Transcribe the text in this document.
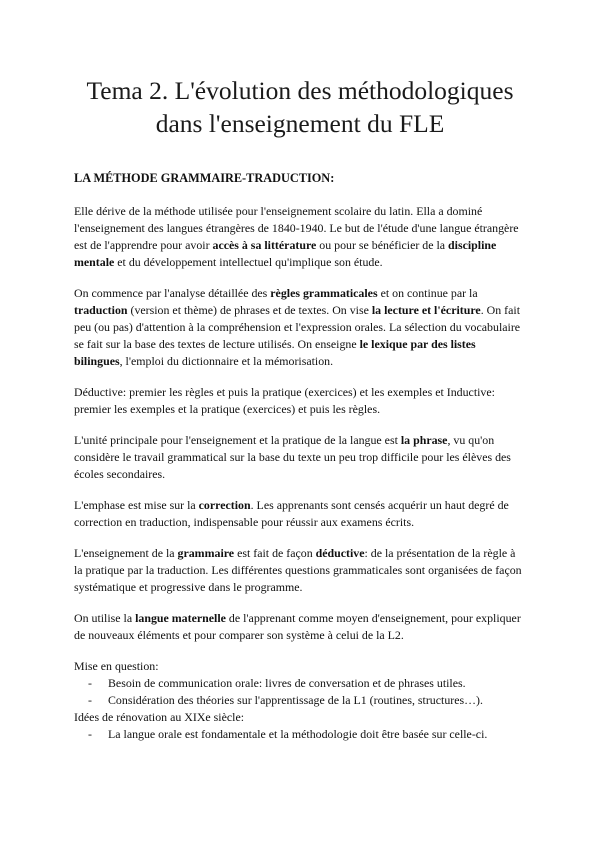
Tema 2. L'évolution des méthodologiques
dans l'enseignement du FLE
LA MÉTHODE GRAMMAIRE-TRADUCTION:

Elle dérive de la méthode utilisée pour l'enseignement scolaire du latin. Ella a dominé l'enseignement des langues étrangères de 1840-1940. Le but de l'étude d'une langue étrangère est de l'apprendre pour avoir accès à sa littérature ou pour se bénéficier de la discipline mentale et du développement intellectuel qu'implique son étude.

On commence par l'analyse détaillée des règles grammaticales et on continue par la traduction (version et thème) de phrases et de textes. On vise la lecture et l'écriture. On fait peu (ou pas) d'attention à la compréhension et l'expression orales. La sélection du vocabulaire se fait sur la base des textes de lecture utilisés. On enseigne le lexique par des listes bilingues, l'emploi du dictionnaire et la mémorisation.

Déductive: premier les règles et puis la pratique (exercices) et les exemples et Inductive: premier les exemples et la pratique (exercices) et puis les règles.

L'unité principale pour l'enseignement et la pratique de la langue est la phrase, vu qu'on considère le travail grammatical sur la base du texte un peu trop difficile pour les élèves des écoles secondaires.

L'emphase est mise sur la correction. Les apprenants sont censés acquérir un haut degré de correction en traduction, indispensable pour réussir aux examens écrits.

L'enseignement de la grammaire est fait de façon déductive: de la présentation de la règle à la pratique par la traduction. Les différentes questions grammaticales sont organisées de façon systématique et progressive dans le programme.

On utilise la langue maternelle de l'apprenant comme moyen d'enseignement, pour expliquer de nouveaux éléments et pour comparer son système à celui de la L2.

Mise en question:

- Besoin de communication orale: livres de conversation et de phrases utiles.
- Considération des théories sur l'apprentissage de la L1 (routines, structures…).

Idées de rénovation au XIXe siècle:

- La langue orale est fondamentale et la méthodologie doit être basée sur celle-ci.
